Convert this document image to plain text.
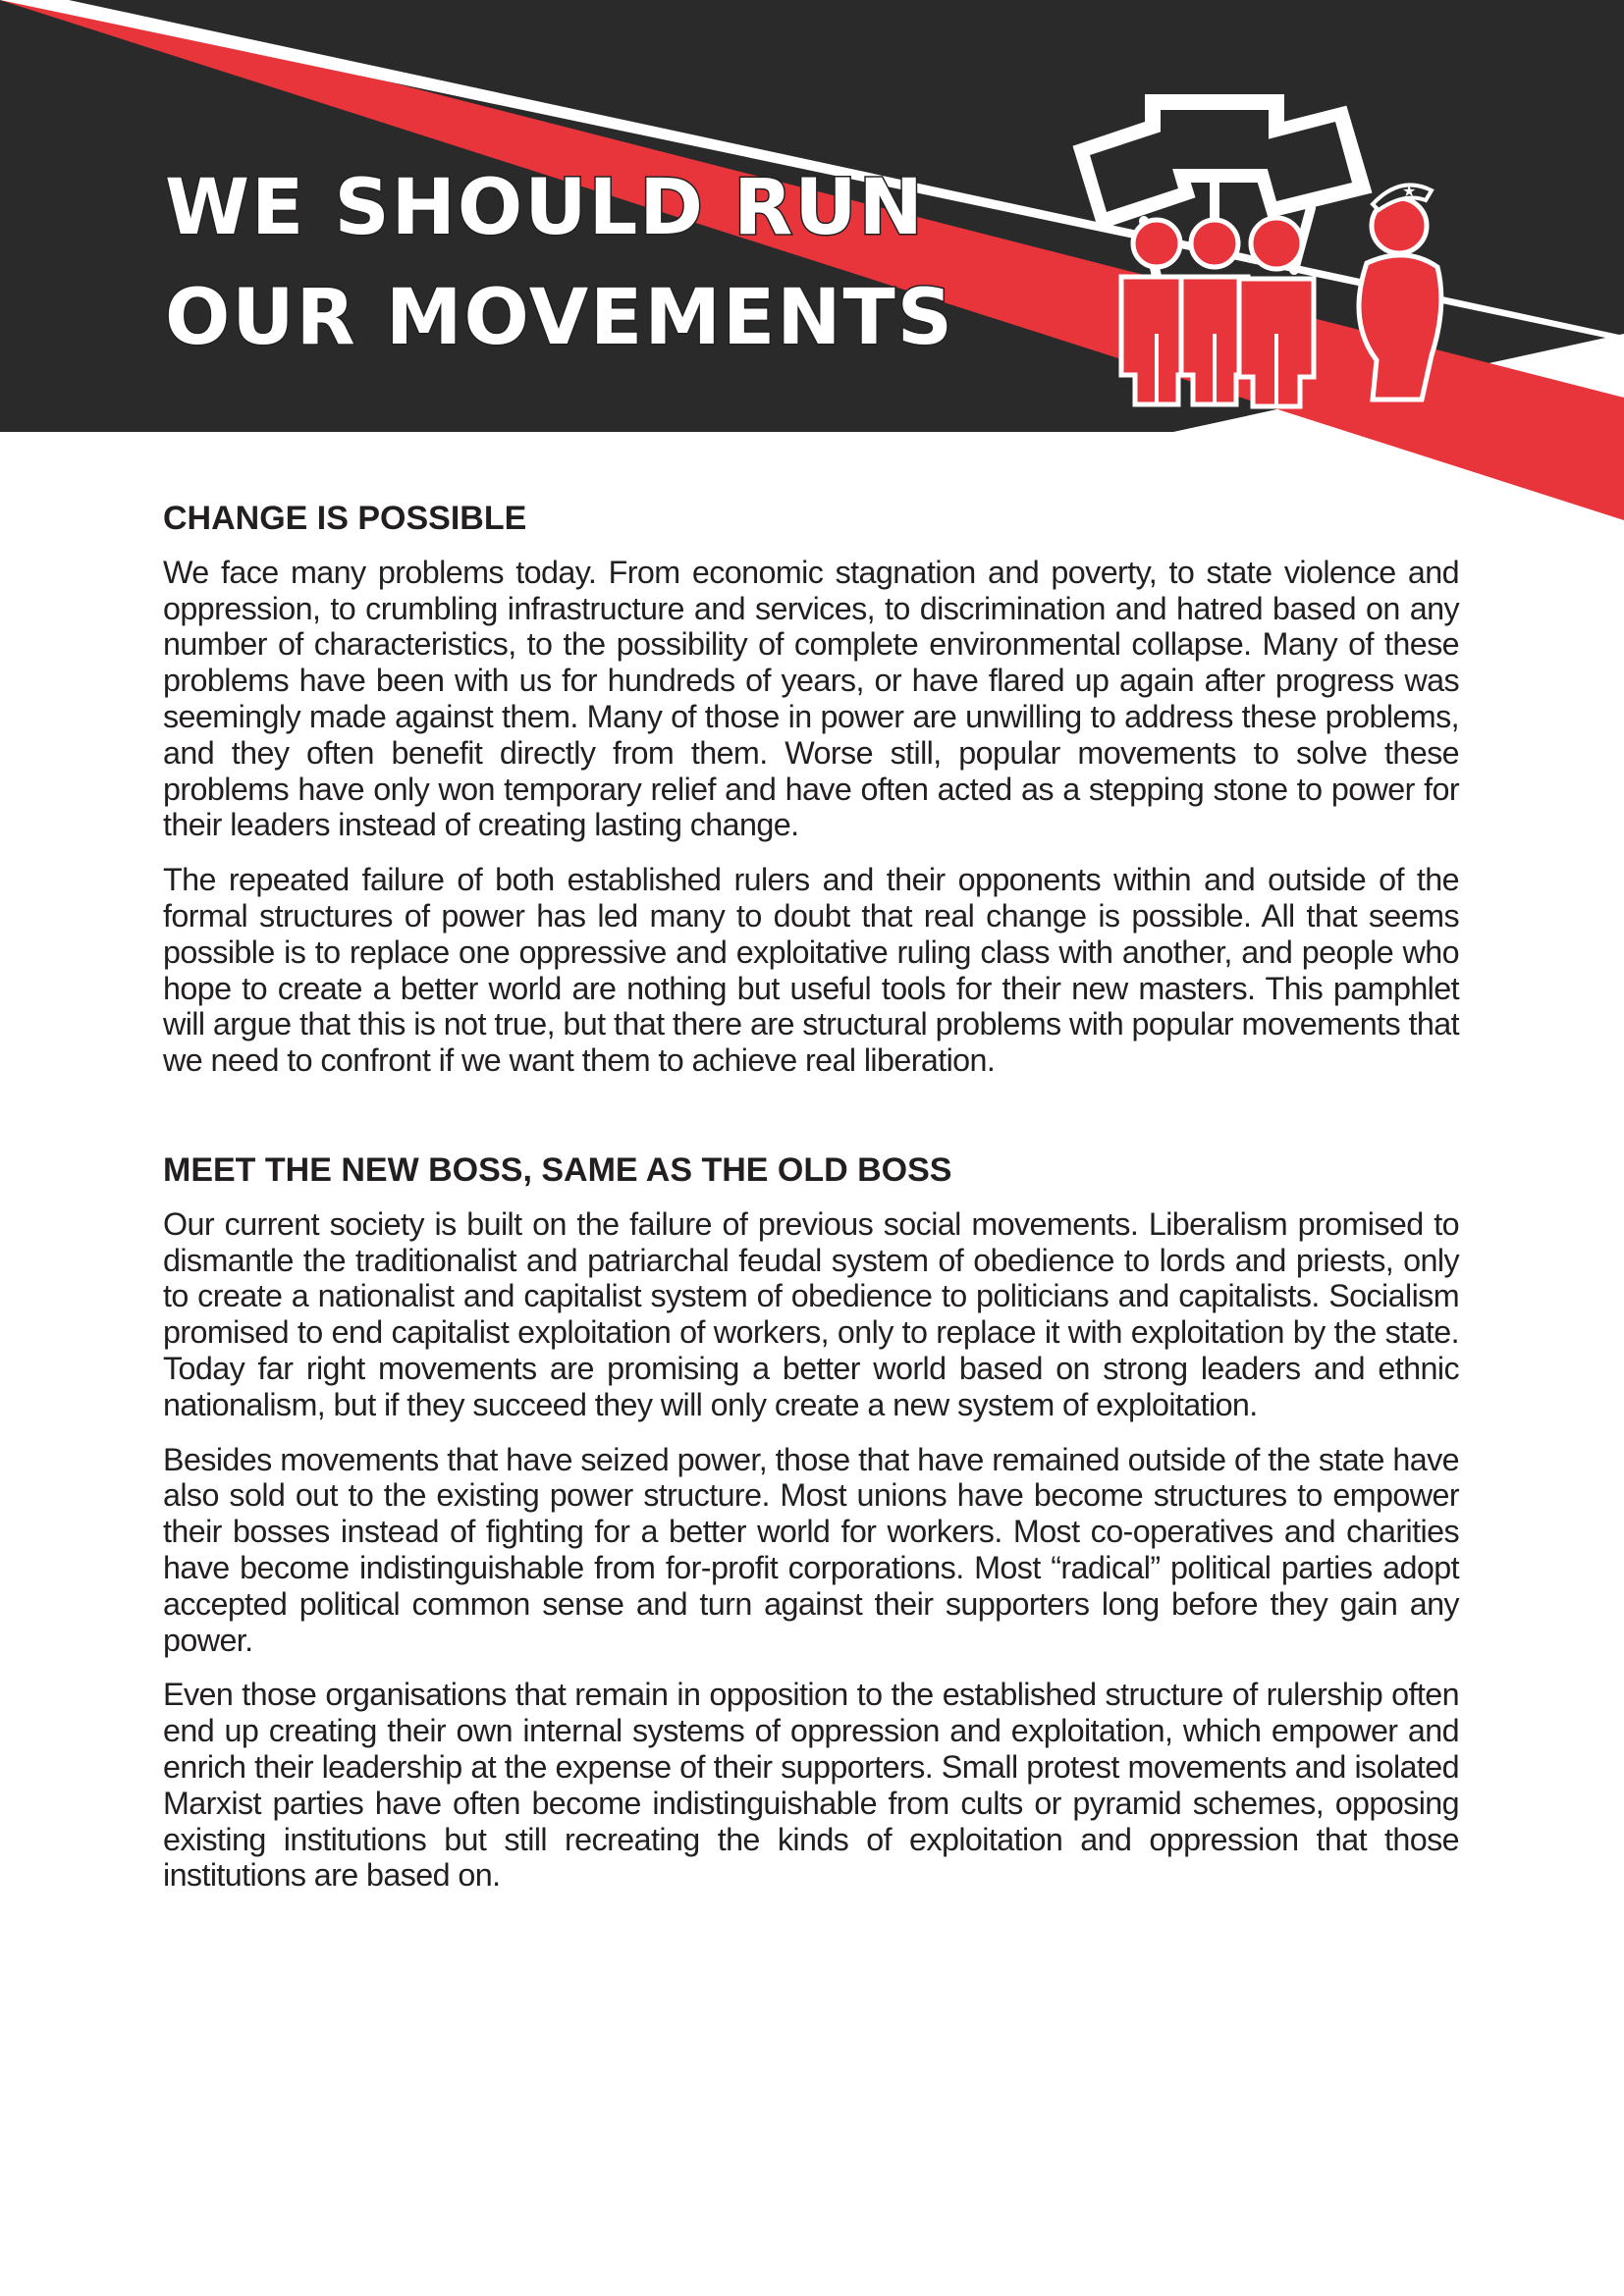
★
WE SHOULD RUN
OUR MOVEMENTS
CHANGE IS POSSIBLE

We face many problems today. From economic stagnation and poverty, to state violence and oppression, to crumbling infrastructure and services, to discrimination and hatred based on any number of characteristics, to the possibility of complete environmental collapse. Many of these problems have been with us for hundreds of years, or have flared up again after progress was seemingly made against them. Many of those in power are unwilling to address these problems, and they often benefit directly from them. Worse still, popular movements to solve these problems have only won temporary relief and have often acted as a stepping stone to power for their leaders instead of creating lasting change.

The repeated failure of both established rulers and their opponents within and outside of the formal structures of power has led many to doubt that real change is possible. All that seems possible is to replace one oppressive and exploitative ruling class with another, and people who hope to create a better world are nothing but useful tools for their new masters. This pamphlet will argue that this is not true, but that there are structural problems with popular movements that we need to confront if we want them to achieve real liberation.

MEET THE NEW BOSS, SAME AS THE OLD BOSS

Our current society is built on the failure of previous social movements. Liberalism promised to dismantle the traditionalist and patriarchal feudal system of obedience to lords and priests, only to create a nationalist and capitalist system of obedience to politicians and capitalists. Socialism promised to end capitalist exploitation of workers, only to replace it with exploitation by the state. Today far right movements are promising a better world based on strong leaders and ethnic nationalism, but if they succeed they will only create a new system of exploitation.

Besides movements that have seized power, those that have remained outside of the state have also sold out to the existing power structure. Most unions have become structures to empower their bosses instead of fighting for a better world for workers. Most co-operatives and charities have become indistinguishable from for-profit corporations. Most “radical” political parties adopt accepted political common sense and turn against their supporters long before they gain any power.

Even those organisations that remain in opposition to the established structure of rulership often end up creating their own internal systems of oppression and exploitation, which empower and enrich their leadership at the expense of their supporters. Small protest movements and isolated Marxist parties have often become indistinguishable from cults or pyramid schemes, opposing existing institutions but still recreating the kinds of exploitation and oppression that those institutions are based on.
